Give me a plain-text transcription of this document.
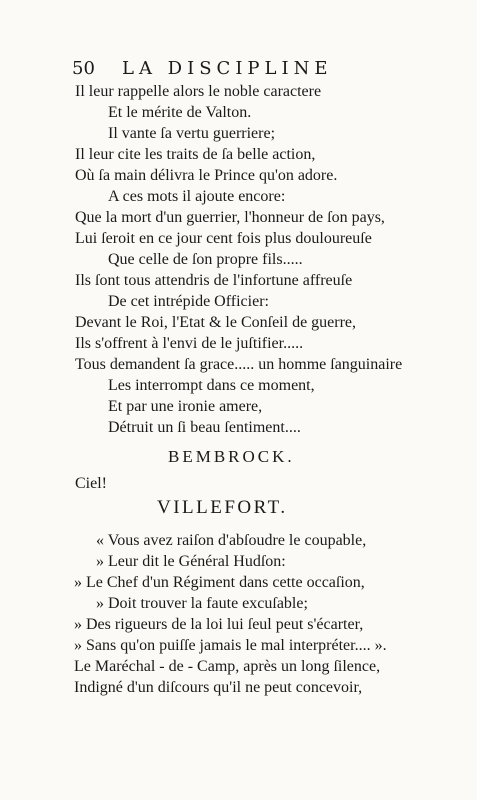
50 LA DISCIPLINE
Il leur rappelle alors le noble caractere
Et le mérite de Valton.
Il vante ſa vertu guerriere;
Il leur cite les traits de ſa belle action,
Où ſa main délivra le Prince qu'on adore.
A ces mots il ajoute encore:
Que la mort d'un guerrier, l'honneur de ſon pays,
Lui ſeroit en ce jour cent fois plus douloureuſe
Que celle de ſon propre fils.....
Ils ſont tous attendris de l'infortune affreuſe
De cet intrépide Officier:
Devant le Roi, l'Etat & le Conſeil de guerre,
Ils s'offrent à l'envi de le juſtifier.....
Tous demandent ſa grace..... un homme ſanguinaire
Les interrompt dans ce moment,
Et par une ironie amere,
Détruit un ſi beau ſentiment....
BEMBROCK.
Ciel!
VILLEFORT.
« Vous avez raiſon d'abſoudre le coupable,
» Leur dit le Général Hudſon:
» Le Chef d'un Régiment dans cette occaſion,
» Doit trouver la faute excuſable;
» Des rigueurs de la loi lui ſeul peut s'écarter,
» Sans qu'on puiſſe jamais le mal interpréter.... ».
Le Maréchal - de - Camp, après un long ſilence,
Indigné d'un diſcours qu'il ne peut concevoir,
